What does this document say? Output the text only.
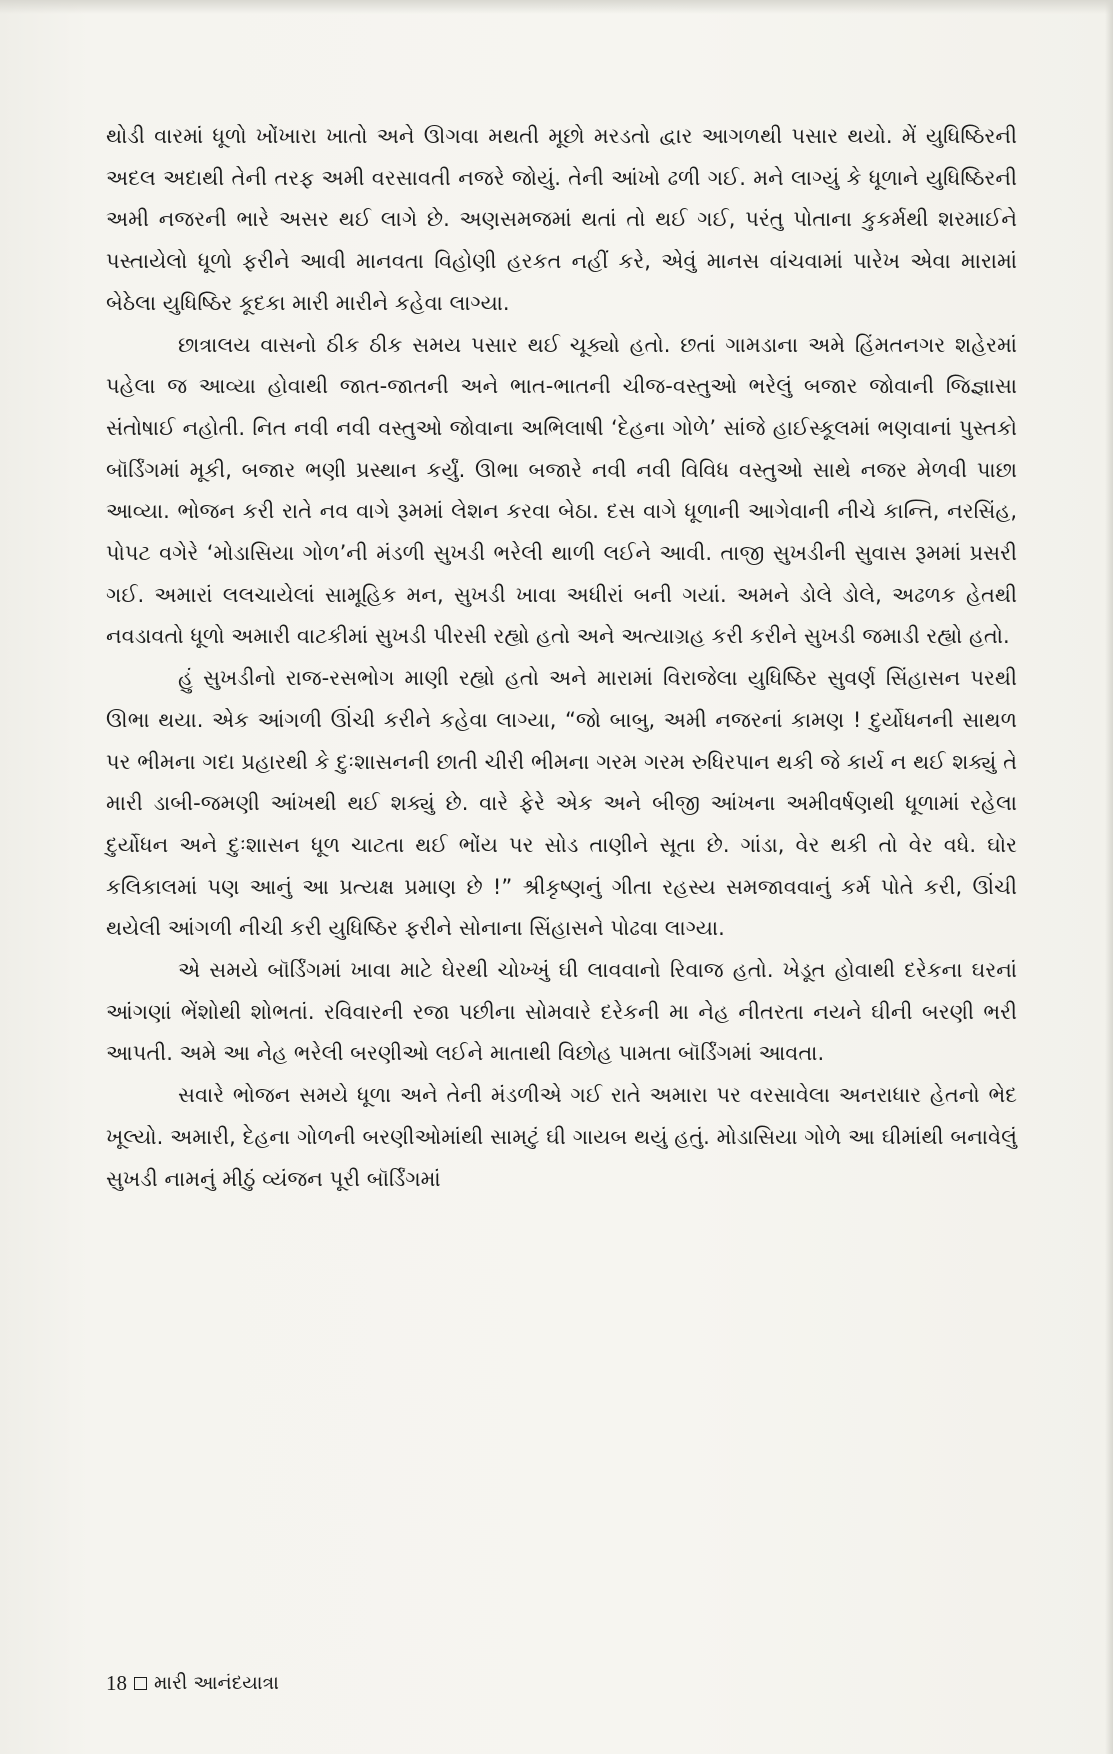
થોડી વારમાં ધૂળો ખોંખારા ખાતો અને ઊગવા મથતી મૂછો મરડતો દ્વાર આગળથી પસાર થયો. મેં યુધિષ્ઠિરની અદલ અદાથી તેની તરફ અમી વરસાવતી નજરે જોયું. તેની આંખો ઢળી ગઈ. મને લાગ્યું કે ધૂળાને યુધિષ્ઠિરની અમી નજરની ભારે અસર થઈ લાગે છે. અણસમજમાં થતાં તો થઈ ગઈ, પરંતુ પોતાના કુકર્મથી શરમાઈને પસ્તાયેલો ધૂળો ફરીને આવી માનવતા વિહોણી હરકત નહીં કરે, એવું માનસ વાંચવામાં પારેખ એવા મારામાં બેઠેલા યુધિષ્ઠિર કૂદકા મારી મારીને કહેવા લાગ્યા.

છાત્રાલય વાસનો ઠીક ઠીક સમય પસાર થઈ ચૂક્યો હતો. છતાં ગામડાના અમે હિંમતનગર શહેરમાં પહેલા જ આવ્યા હોવાથી જાત-જાતની અને ભાત-ભાતની ચીજ-વસ્તુઓ ભરેલું બજાર જોવાની જિજ્ઞાસા સંતોષાઈ નહોતી. નિત નવી નવી વસ્તુઓ જોવાના અભિલાષી ‘દેહના ગોળે’ સાંજે હાઈસ્કૂલમાં ભણવાનાં પુસ્તકો બૉર્ડિંગમાં મૂકી, બજાર ભણી પ્રસ્થાન કર્યું. ઊભા બજારે નવી નવી વિવિધ વસ્તુઓ સાથે નજર મેળવી પાછા આવ્યા. ભોજન કરી રાતે નવ વાગે રૂમમાં લેશન કરવા બેઠા. દસ વાગે ધૂળાની આગેવાની નીચે કાન્તિ, નરસિંહ, પોપટ વગેરે ‘મોડાસિયા ગોળ’ની મંડળી સુખડી ભરેલી થાળી લઈને આવી. તાજી સુખડીની સુવાસ રૂમમાં પ્રસરી ગઈ. અમારાં લલચાયેલાં સામૂહિક મન, સુખડી ખાવા અધીરાં બની ગયાં. અમને ડોલે ડોલે, અઢળક હેતથી નવડાવતો ધૂળો અમારી વાટકીમાં સુખડી પીરસી રહ્યો હતો અને અત્યાગ્રહ કરી કરીને સુખડી જમાડી રહ્યો હતો.

હું સુખડીનો રાજ-રસભોગ માણી રહ્યો હતો અને મારામાં વિરાજેલા યુધિષ્ઠિર સુવર્ણ સિંહાસન પરથી ઊભા થયા. એક આંગળી ઊંચી કરીને કહેવા લાગ્યા, “જો બાબુ, અમી નજરનાં કામણ ! દુર્યોધનની સાથળ પર ભીમના ગદા પ્રહારથી કે દુઃશાસનની છાતી ચીરી ભીમના ગરમ ગરમ રુધિરપાન થકી જે કાર્ય ન થઈ શક્યું તે મારી ડાબી-જમણી આંખથી થઈ શક્યું છે. વારે ફેરે એક અને બીજી આંખના અમીવર્ષણથી ધૂળામાં રહેલા દુર્યોધન અને દુઃશાસન ધૂળ ચાટતા થઈ ભોંય પર સોડ તાણીને સૂતા છે. ગાંડા, વેર થકી તો વેર વધે. ઘોર કલિકાલમાં પણ આનું આ પ્રત્યક્ષ પ્રમાણ છે !” શ્રીકૃષ્ણનું ગીતા રહસ્ય સમજાવવાનું કર્મ પોતે કરી, ઊંચી થયેલી આંગળી નીચી કરી યુધિષ્ઠિર ફરીને સોનાના સિંહાસને પોઢવા લાગ્યા.

એ સમયે બૉર્ડિંગમાં ખાવા માટે ઘેરથી ચોખ્ખું ઘી લાવવાનો રિવાજ હતો. ખેડૂત હોવાથી દરેકના ઘરનાં આંગણાં ભેંશોથી શોભતાં. રવિવારની રજા પછીના સોમવારે દરેકની મા નેહ નીતરતા નયને ઘીની બરણી ભરી આપતી. અમે આ નેહ ભરેલી બરણીઓ લઈને માતાથી વિછોહ પામતા બૉર્ડિંગમાં આવતા.

સવારે ભોજન સમયે ધૂળા અને તેની મંડળીએ ગઈ રાતે અમારા પર વરસાવેલા અનરાધાર હેતનો ભેદ ખૂલ્યો. અમારી, દેહના ગોળની બરણીઓમાંથી સામટું ઘી ગાયબ થયું હતું. મોડાસિયા ગોળે આ ઘીમાંથી બનાવેલું સુખડી નામનું મીઠું વ્યંજન પૂરી બૉર્ડિંગમાં

18 મારી આનંદયાત્રા
